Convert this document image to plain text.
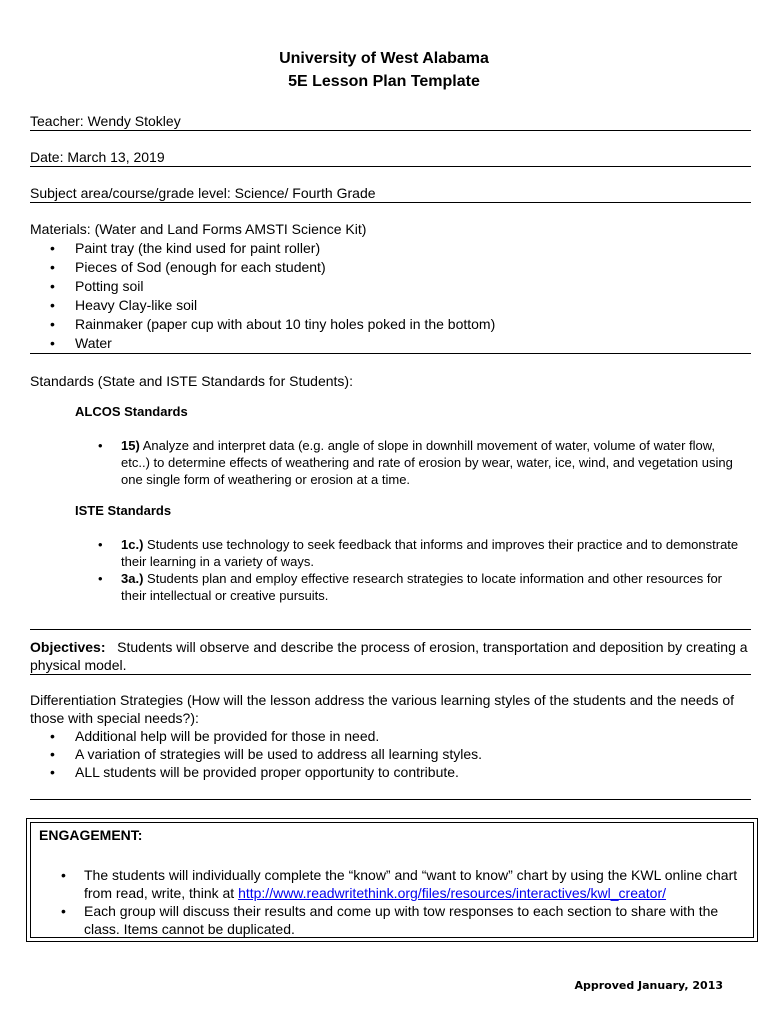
University of West Alabama
5E Lesson Plan Template
Teacher: Wendy Stokley
Date: March 13, 2019
Subject area/course/grade level: Science/ Fourth Grade
Materials: (Water and Land Forms AMSTI Science Kit)
• Paint tray (the kind used for paint roller)
• Pieces of Sod (enough for each student)
• Potting soil
• Heavy Clay-like soil
• Rainmaker (paper cup with about 10 tiny holes poked in the bottom)
• Water
Standards (State and ISTE Standards for Students):
ALCOS Standards
• 15) Analyze and interpret data (e.g. angle of slope in downhill movement of water, volume of water flow, etc..) to determine effects of weathering and rate of erosion by wear, water, ice, wind, and vegetation using one single form of weathering or erosion at a time.
ISTE Standards
• 1c.) Students use technology to seek feedback that informs and improves their practice and to demonstrate their learning in a variety of ways.
• 3a.) Students plan and employ effective research strategies to locate information and other resources for their intellectual or creative pursuits.
Objectives: Students will observe and describe the process of erosion, transportation and deposition by creating a physical model.
Differentiation Strategies (How will the lesson address the various learning styles of the students and the needs of those with special needs?):
• Additional help will be provided for those in need.
• A variation of strategies will be used to address all learning styles.
• ALL students will be provided proper opportunity to contribute.
ENGAGEMENT:
• The students will individually complete the “know” and “want to know” chart by using the KWL online chart from read, write, think at http://www.readwritethink.org/files/resources/interactives/kwl_creator/
• Each group will discuss their results and come up with tow responses to each section to share with the class. Items cannot be duplicated.
Approved January, 2013
